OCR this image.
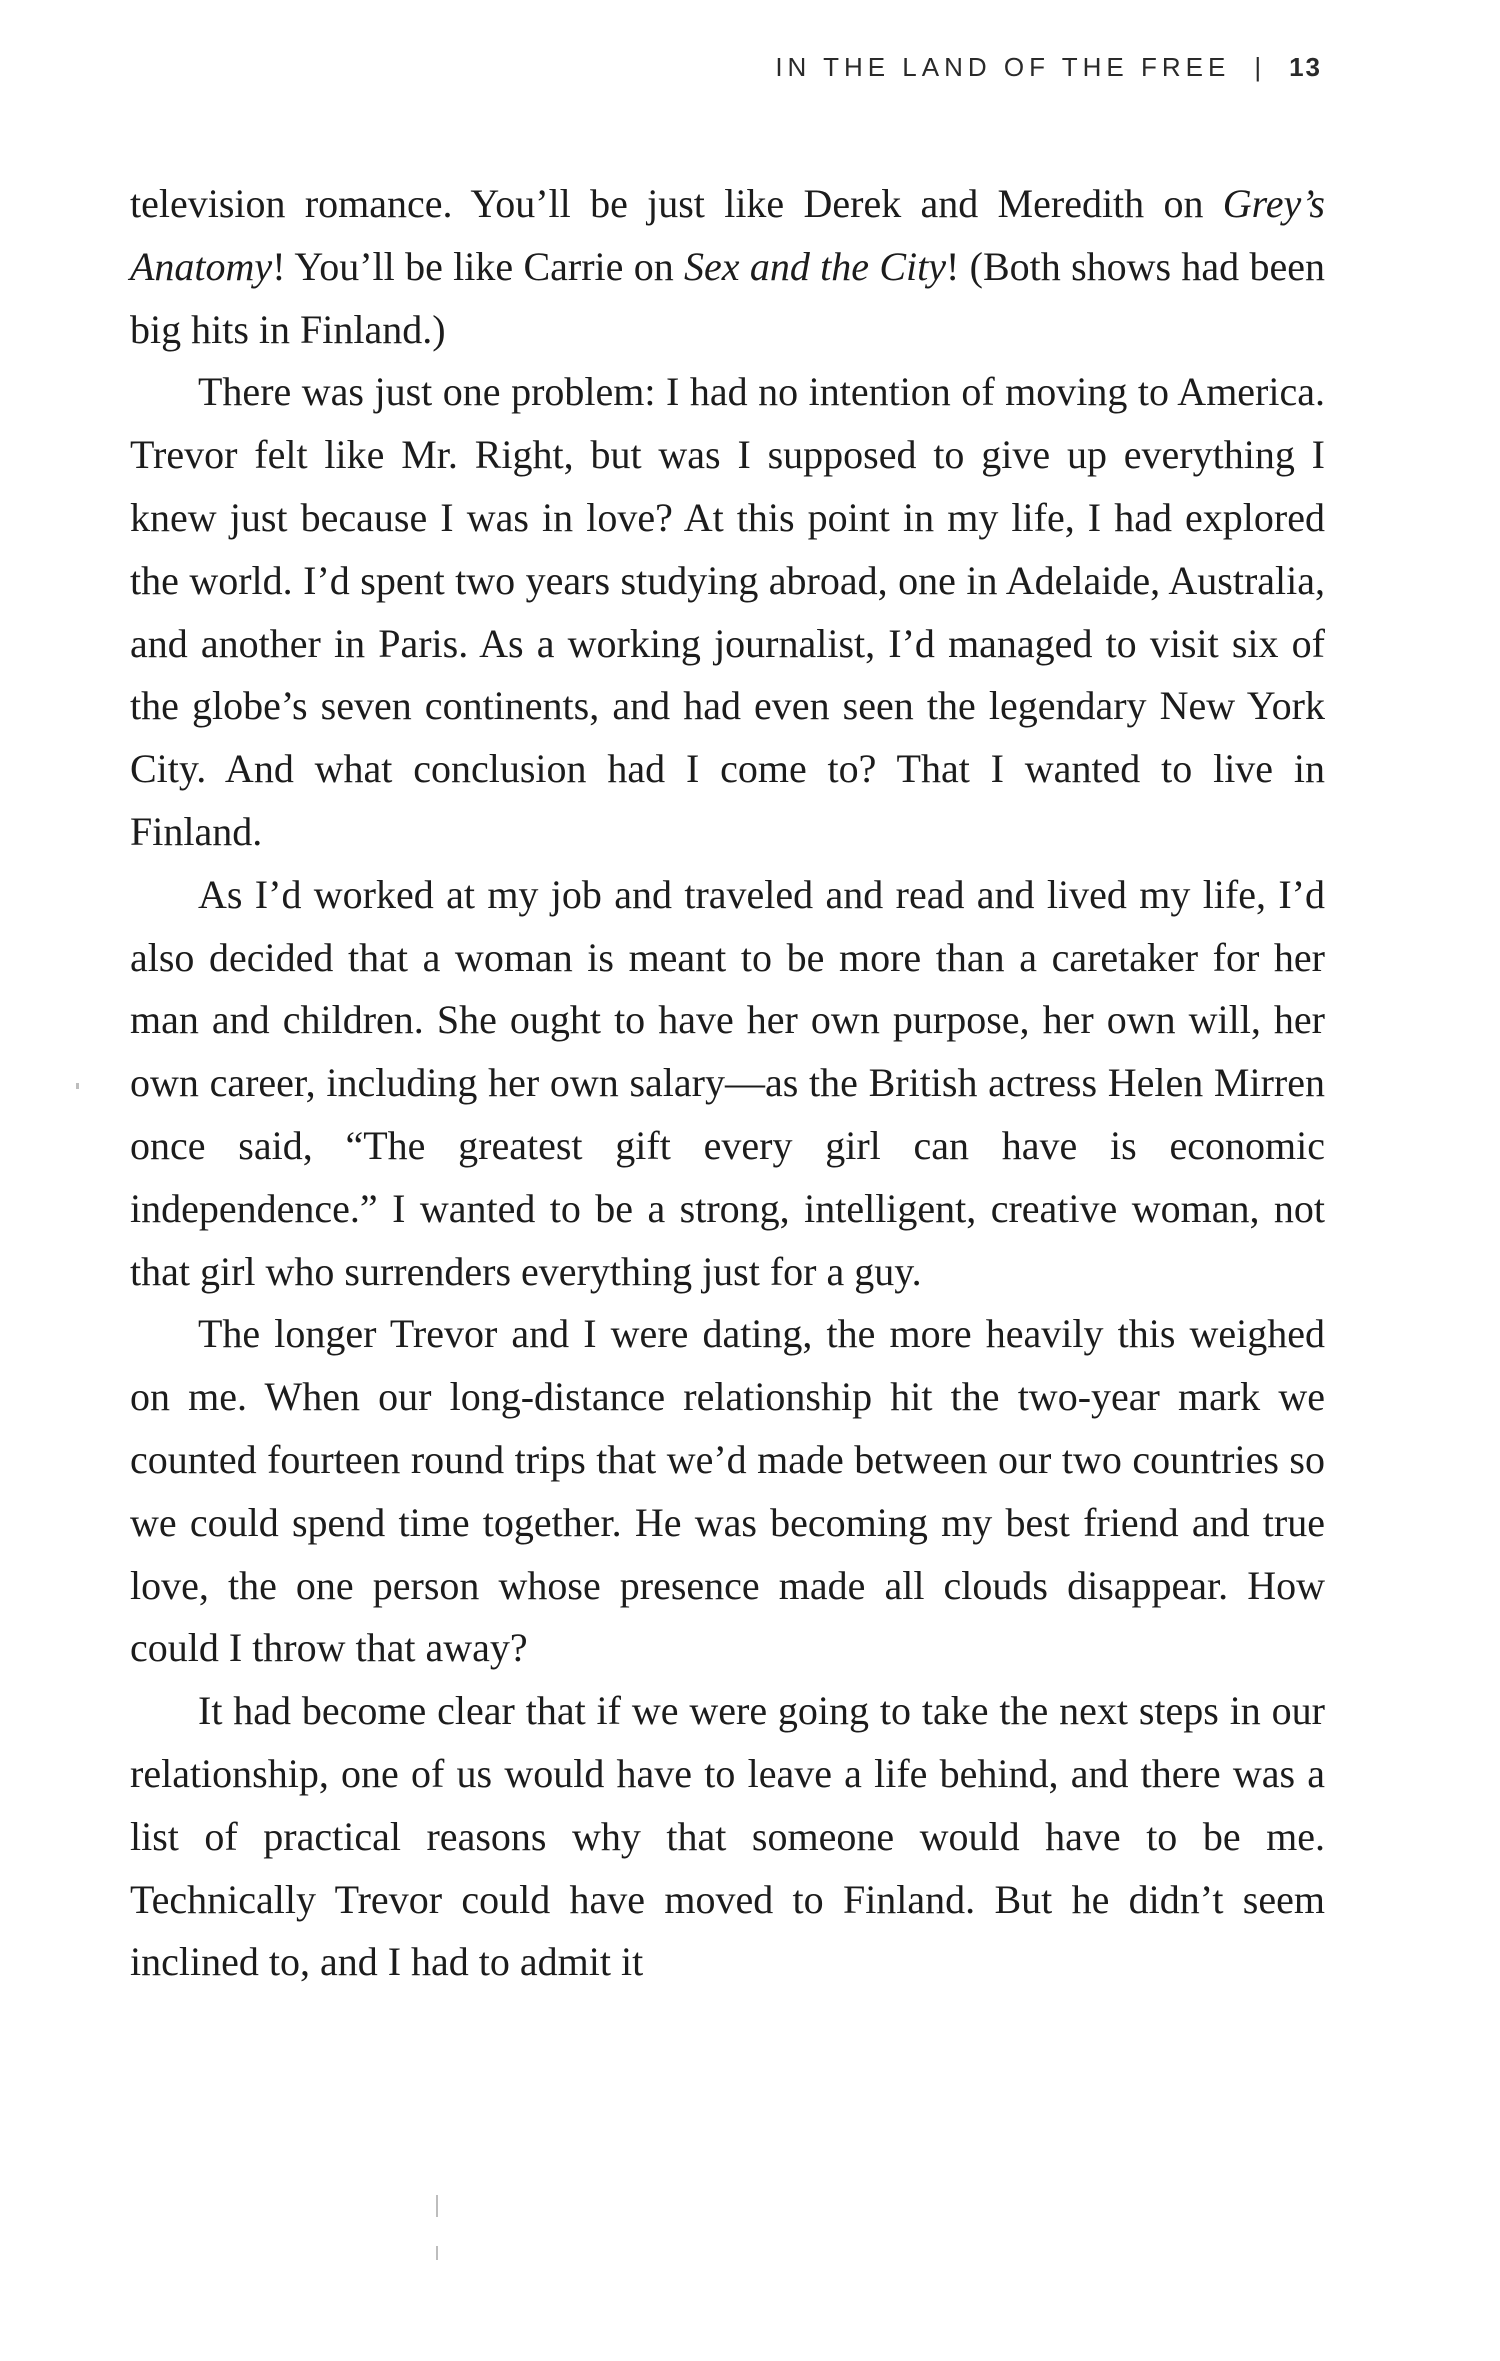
IN THE LAND OF THE FREE | 13

television romance. You’ll be just like Derek and Meredith on Grey’s Anatomy! You’ll be like Carrie on Sex and the City! (Both shows had been big hits in Finland.)

There was just one problem: I had no intention of moving to America. Trevor felt like Mr. Right, but was I supposed to give up everything I knew just because I was in love? At this point in my life, I had explored the world. I’d spent two years studying abroad, one in Adelaide, Australia, and another in Paris. As a working journalist, I’d managed to visit six of the globe’s seven continents, and had even seen the legendary New York City. And what conclusion had I come to? That I wanted to live in Finland.

As I’d worked at my job and traveled and read and lived my life, I’d also decided that a woman is meant to be more than a caretaker for her man and children. She ought to have her own purpose, her own will, her own career, including her own salary—as the British actress Helen Mirren once said, “The greatest gift every girl can have is economic independence.” I wanted to be a strong, intelligent, creative woman, not that girl who surrenders everything just for a guy.

The longer Trevor and I were dating, the more heavily this weighed on me. When our long-distance relationship hit the two-year mark we counted fourteen round trips that we’d made between our two countries so we could spend time together. He was becoming my best friend and true love, the one person whose presence made all clouds disappear. How could I throw that away?

It had become clear that if we were going to take the next steps in our relationship, one of us would have to leave a life behind, and there was a list of practical reasons why that someone would have to be me. Technically Trevor could have moved to Finland. But he didn’t seem inclined to, and I had to admit it
